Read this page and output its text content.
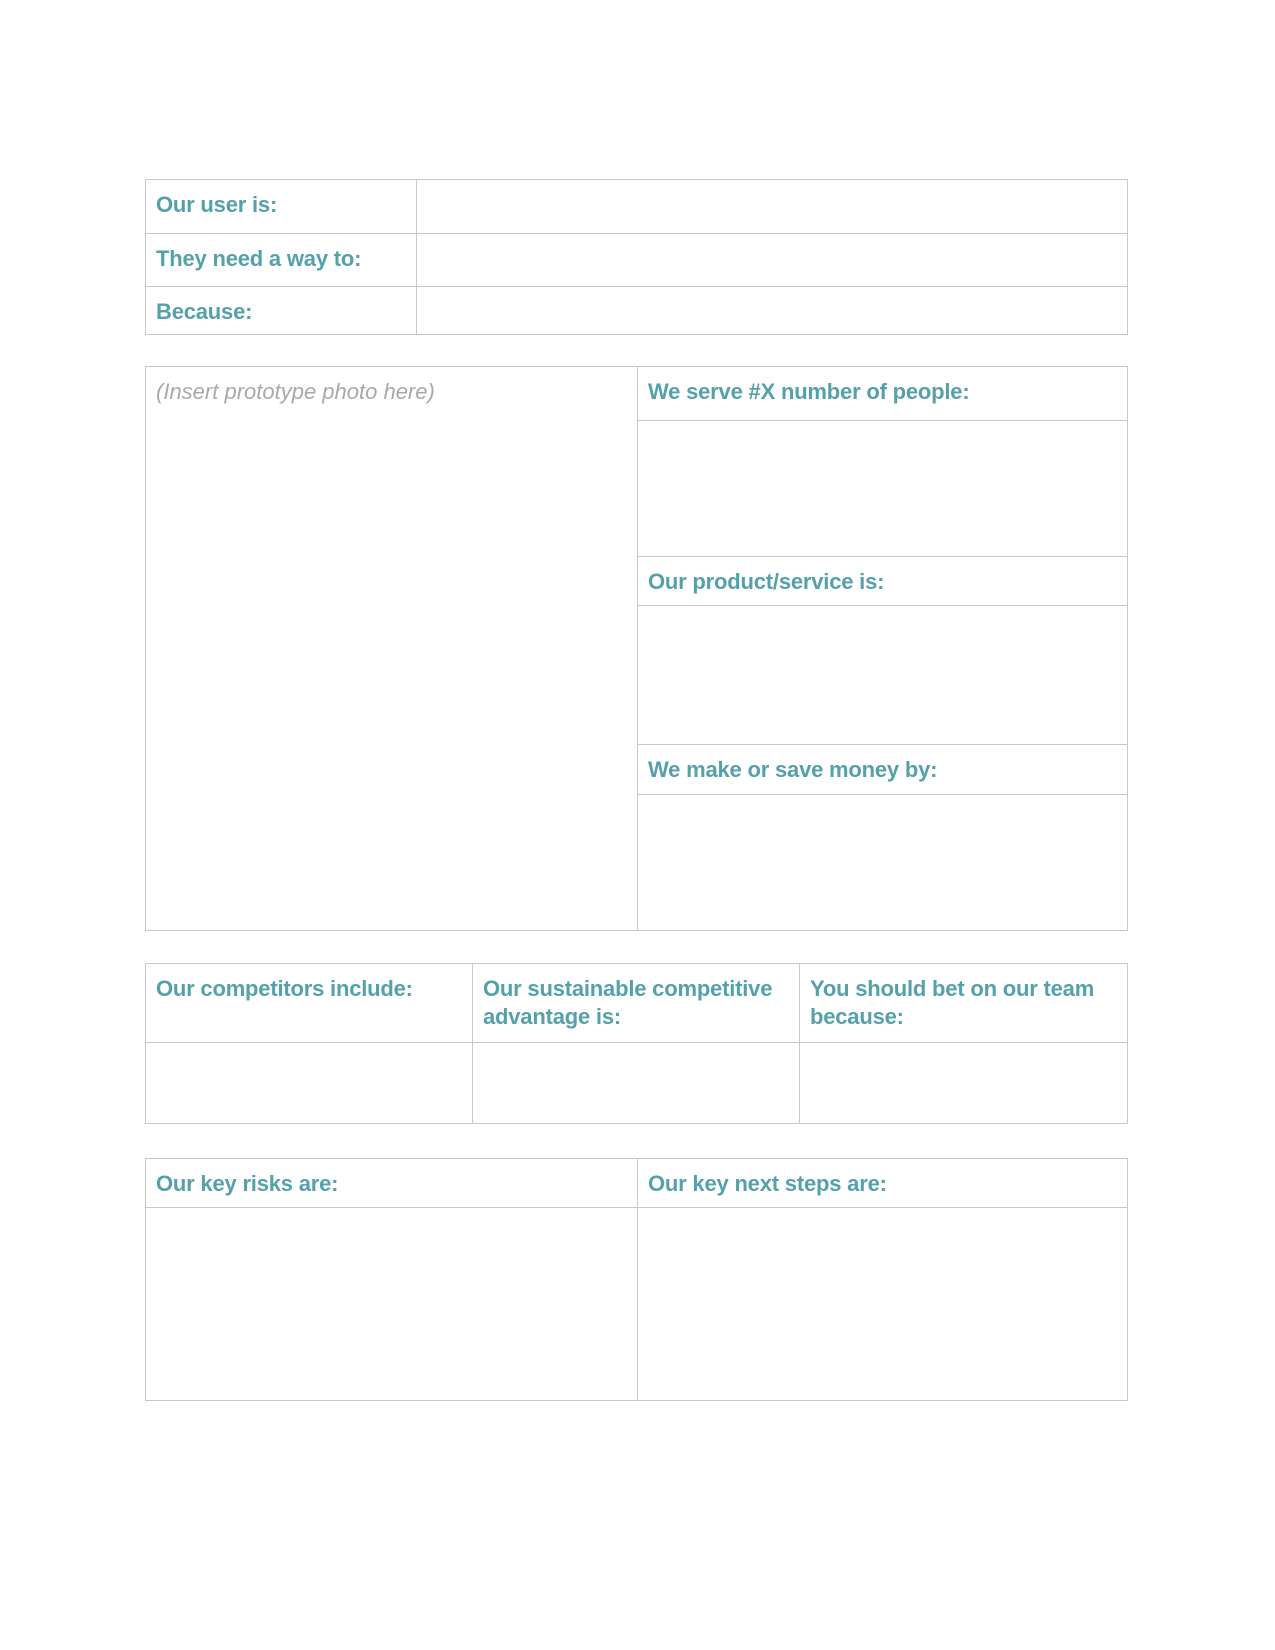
Our user is:	
They need a way to:	
Because:	
(Insert prototype photo here)	We serve #X number of people:

Our product/service is:

We make or save money by:

Our competitors include:	Our sustainable competitive advantage is:	You should bet on our team because:

Our key risks are:	Our key next steps are:
